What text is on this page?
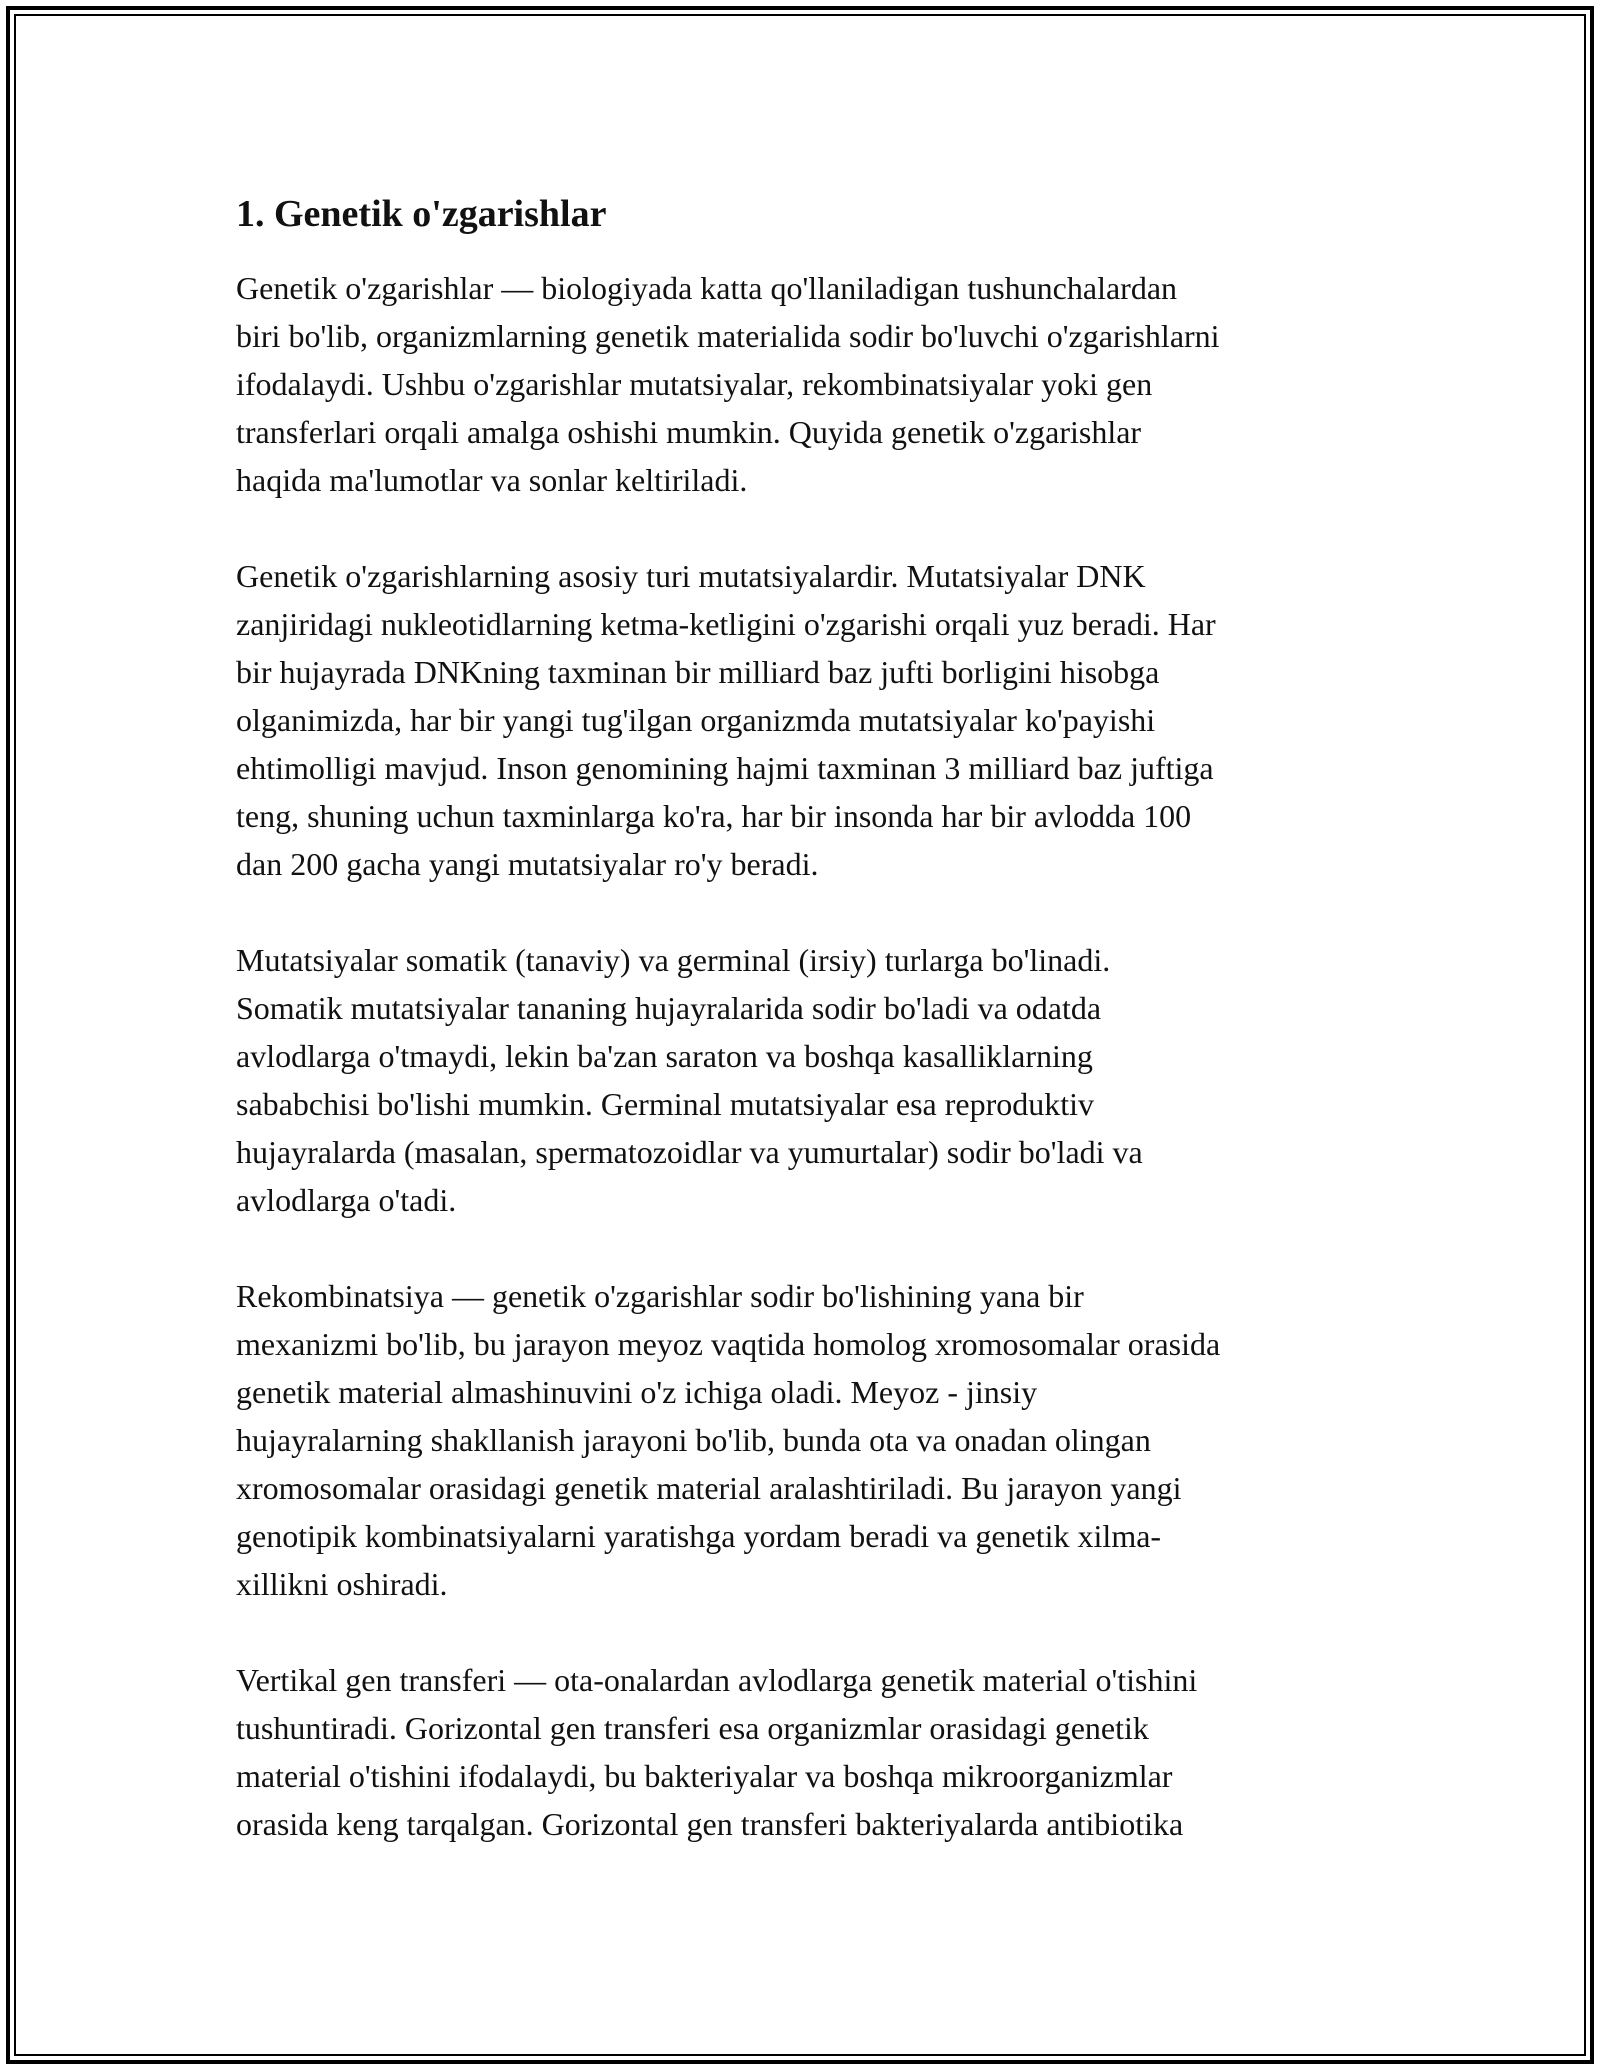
1. Genetik o'zgarishlar

Genetik o'zgarishlar — biologiyada katta qo'llaniladigan tushunchalardan
biri bo'lib, organizmlarning genetik materialida sodir bo'luvchi o'zgarishlarni
ifodalaydi. Ushbu o'zgarishlar mutatsiyalar, rekombinatsiyalar yoki gen
transferlari orqali amalga oshishi mumkin. Quyida genetik o'zgarishlar
haqida ma'lumotlar va sonlar keltiriladi.

Genetik o'zgarishlarning asosiy turi mutatsiyalardir. Mutatsiyalar DNK
zanjiridagi nukleotidlarning ketma-ketligini o'zgarishi orqali yuz beradi. Har
bir hujayrada DNKning taxminan bir milliard baz jufti borligini hisobga
olganimizda, har bir yangi tug'ilgan organizmda mutatsiyalar ko'payishi
ehtimolligi mavjud. Inson genomining hajmi taxminan 3 milliard baz juftiga
teng, shuning uchun taxminlarga ko'ra, har bir insonda har bir avlodda 100
dan 200 gacha yangi mutatsiyalar ro'y beradi.

Mutatsiyalar somatik (tanaviy) va germinal (irsiy) turlarga bo'linadi.
Somatik mutatsiyalar tananing hujayralarida sodir bo'ladi va odatda
avlodlarga o'tmaydi, lekin ba'zan saraton va boshqa kasalliklarning
sababchisi bo'lishi mumkin. Germinal mutatsiyalar esa reproduktiv
hujayralarda (masalan, spermatozoidlar va yumurtalar) sodir bo'ladi va
avlodlarga o'tadi.

Rekombinatsiya — genetik o'zgarishlar sodir bo'lishining yana bir
mexanizmi bo'lib, bu jarayon meyoz vaqtida homolog xromosomalar orasida
genetik material almashinuvini o'z ichiga oladi. Meyoz - jinsiy
hujayralarning shakllanish jarayoni bo'lib, bunda ota va onadan olingan
xromosomalar orasidagi genetik material aralashtiriladi. Bu jarayon yangi
genotipik kombinatsiyalarni yaratishga yordam beradi va genetik xilma-
xillikni oshiradi.

Vertikal gen transferi — ota-onalardan avlodlarga genetik material o'tishini
tushuntiradi. Gorizontal gen transferi esa organizmlar orasidagi genetik
material o'tishini ifodalaydi, bu bakteriyalar va boshqa mikroorganizmlar
orasida keng tarqalgan. Gorizontal gen transferi bakteriyalarda antibiotika
